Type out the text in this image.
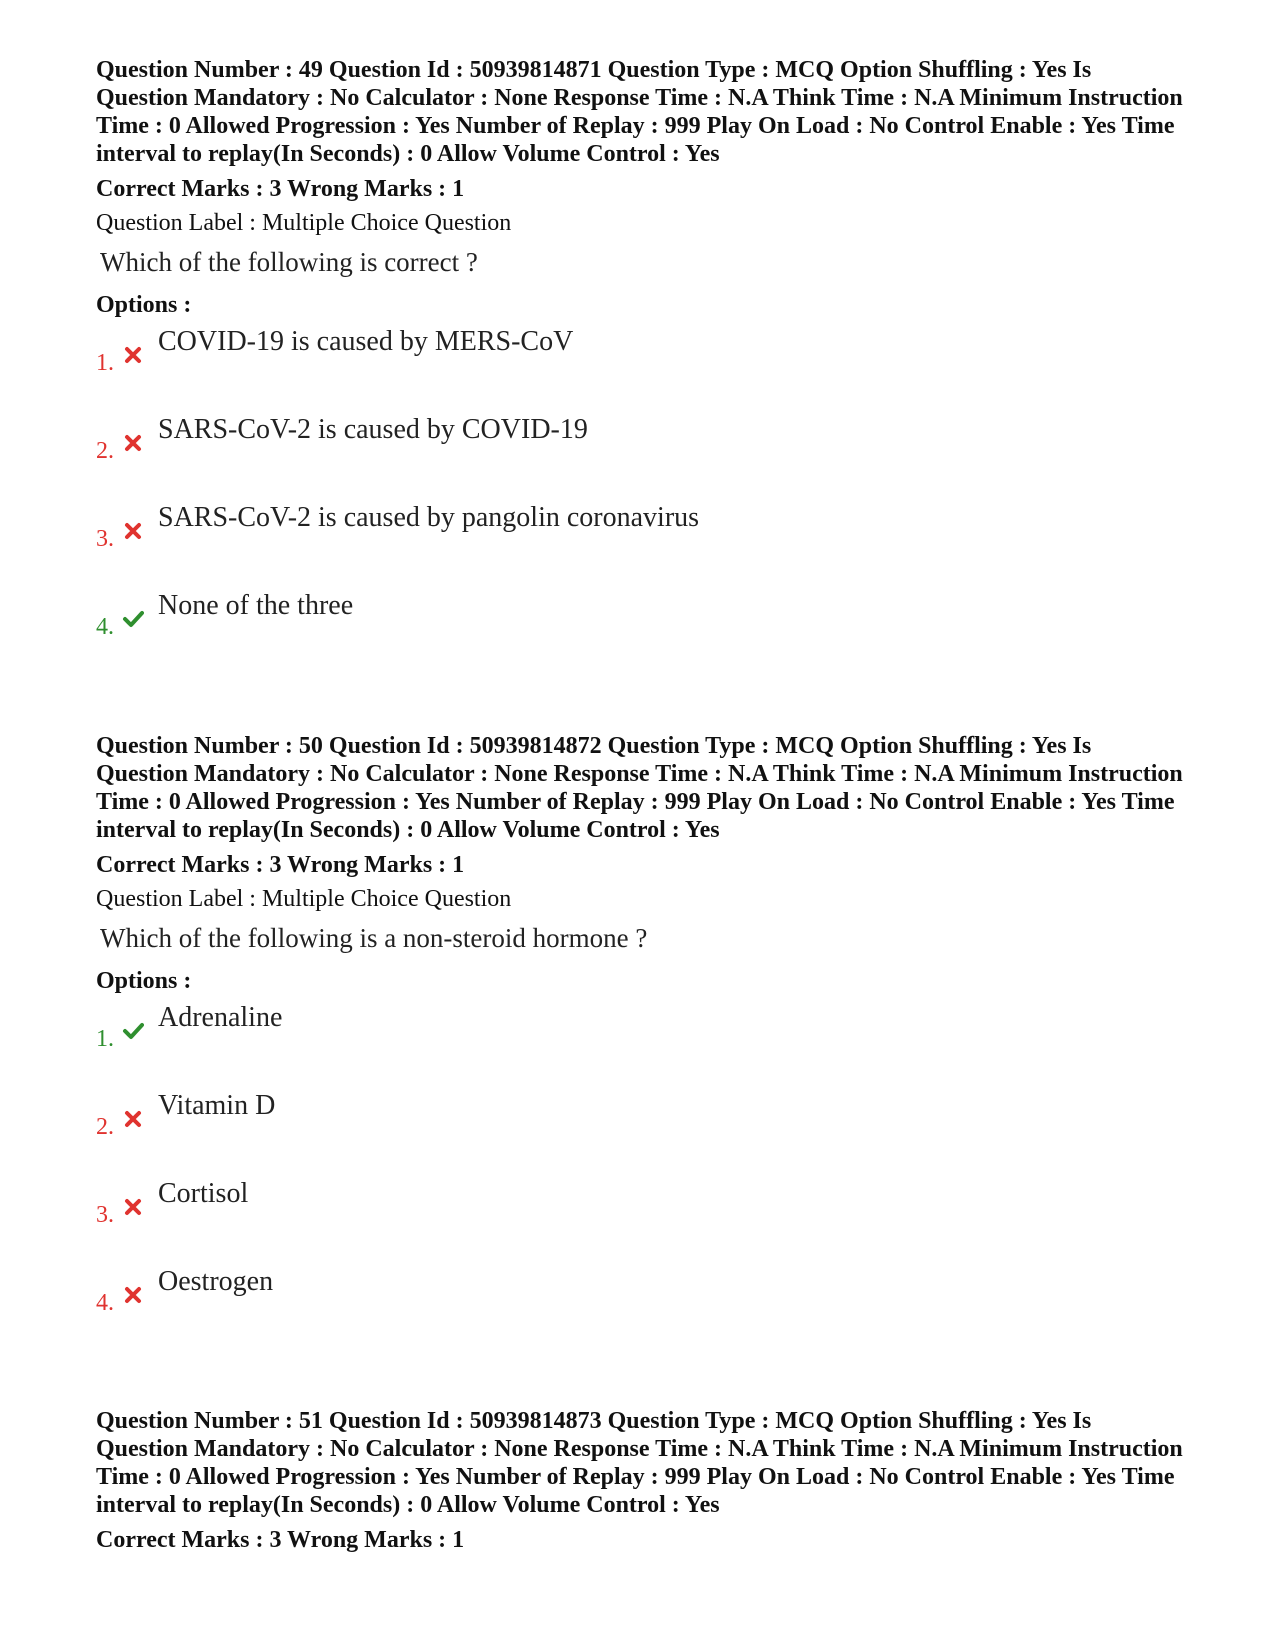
Question Number : 49 Question Id : 50939814871 Question Type : MCQ Option Shuffling : Yes Is Question Mandatory : No Calculator : None Response Time : N.A Think Time : N.A Minimum Instruction Time : 0 Allowed Progression : Yes Number of Replay : 999 Play On Load : No Control Enable : Yes Time interval to replay(In Seconds) : 0 Allow Volume Control : Yes

Correct Marks : 3 Wrong Marks : 1

Question Label : Multiple Choice Question

Which of the following is correct ?

Options :

1.
COVID-19 is caused by MERS-CoV
2.
SARS-CoV-2 is caused by COVID-19
3.
SARS-CoV-2 is caused by pangolin coronavirus
4.
None of the three

Question Number : 50 Question Id : 50939814872 Question Type : MCQ Option Shuffling : Yes Is Question Mandatory : No Calculator : None Response Time : N.A Think Time : N.A Minimum Instruction Time : 0 Allowed Progression : Yes Number of Replay : 999 Play On Load : No Control Enable : Yes Time interval to replay(In Seconds) : 0 Allow Volume Control : Yes

Correct Marks : 3 Wrong Marks : 1

Question Label : Multiple Choice Question

Which of the following is a non-steroid hormone ?

Options :

1.
Adrenaline
2.
Vitamin D
3.
Cortisol
4.
Oestrogen

Question Number : 51 Question Id : 50939814873 Question Type : MCQ Option Shuffling : Yes Is Question Mandatory : No Calculator : None Response Time : N.A Think Time : N.A Minimum Instruction Time : 0 Allowed Progression : Yes Number of Replay : 999 Play On Load : No Control Enable : Yes Time interval to replay(In Seconds) : 0 Allow Volume Control : Yes

Correct Marks : 3 Wrong Marks : 1
